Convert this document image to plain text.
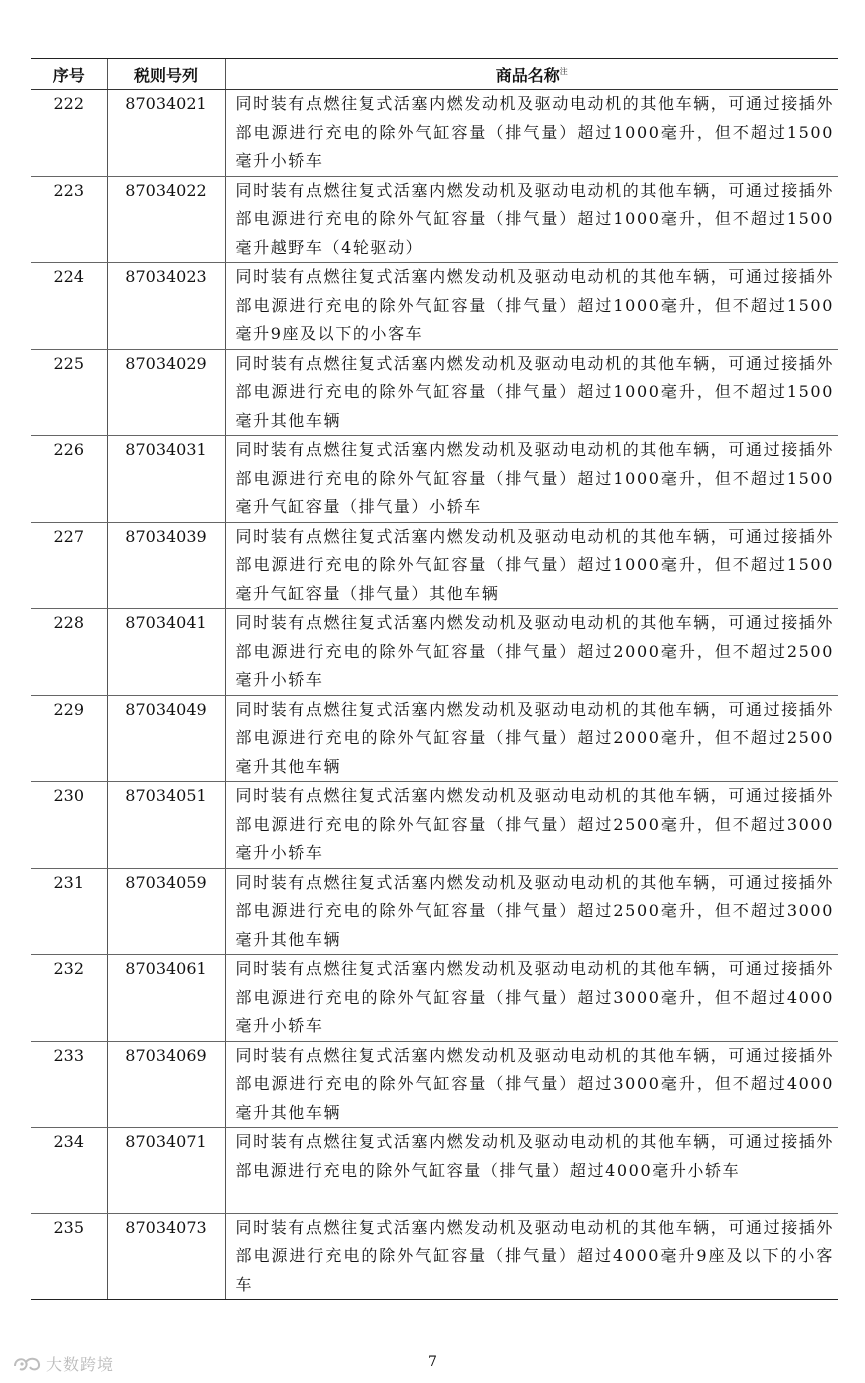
序号	税则号列	商品名称$^注$
222	87034021	同时装有点燃往复式活塞内燃发动机及驱动电动机的其他车辆，可通过接插外部电源进行充电的除外气缸容量（排气量）超过1000毫升，但不超过1500毫升小轿车
223	87034022	同时装有点燃往复式活塞内燃发动机及驱动电动机的其他车辆，可通过接插外部电源进行充电的除外气缸容量（排气量）超过1000毫升，但不超过1500毫升越野车（4轮驱动）
224	87034023	同时装有点燃往复式活塞内燃发动机及驱动电动机的其他车辆，可通过接插外部电源进行充电的除外气缸容量（排气量）超过1000毫升，但不超过1500毫升9座及以下的小客车
225	87034029	同时装有点燃往复式活塞内燃发动机及驱动电动机的其他车辆，可通过接插外部电源进行充电的除外气缸容量（排气量）超过1000毫升，但不超过1500毫升其他车辆
226	87034031	同时装有点燃往复式活塞内燃发动机及驱动电动机的其他车辆，可通过接插外部电源进行充电的除外气缸容量（排气量）超过1000毫升，但不超过1500毫升气缸容量（排气量）小轿车
227	87034039	同时装有点燃往复式活塞内燃发动机及驱动电动机的其他车辆，可通过接插外部电源进行充电的除外气缸容量（排气量）超过1000毫升，但不超过1500毫升气缸容量（排气量）其他车辆
228	87034041	同时装有点燃往复式活塞内燃发动机及驱动电动机的其他车辆，可通过接插外部电源进行充电的除外气缸容量（排气量）超过2000毫升，但不超过2500毫升小轿车
229	87034049	同时装有点燃往复式活塞内燃发动机及驱动电动机的其他车辆，可通过接插外部电源进行充电的除外气缸容量（排气量）超过2000毫升，但不超过2500毫升其他车辆
230	87034051	同时装有点燃往复式活塞内燃发动机及驱动电动机的其他车辆，可通过接插外部电源进行充电的除外气缸容量（排气量）超过2500毫升，但不超过3000毫升小轿车
231	87034059	同时装有点燃往复式活塞内燃发动机及驱动电动机的其他车辆，可通过接插外部电源进行充电的除外气缸容量（排气量）超过2500毫升，但不超过3000毫升其他车辆
232	87034061	同时装有点燃往复式活塞内燃发动机及驱动电动机的其他车辆，可通过接插外部电源进行充电的除外气缸容量（排气量）超过3000毫升，但不超过4000毫升小轿车
233	87034069	同时装有点燃往复式活塞内燃发动机及驱动电动机的其他车辆，可通过接插外部电源进行充电的除外气缸容量（排气量）超过3000毫升，但不超过4000毫升其他车辆
234	87034071	同时装有点燃往复式活塞内燃发动机及驱动电动机的其他车辆，可通过接插外部电源进行充电的除外气缸容量（排气量）超过4000毫升小轿车
235	87034073	同时装有点燃往复式活塞内燃发动机及驱动电动机的其他车辆，可通过接插外部电源进行充电的除外气缸容量（排气量）超过4000毫升9座及以下的小客车
大数跨境	7
